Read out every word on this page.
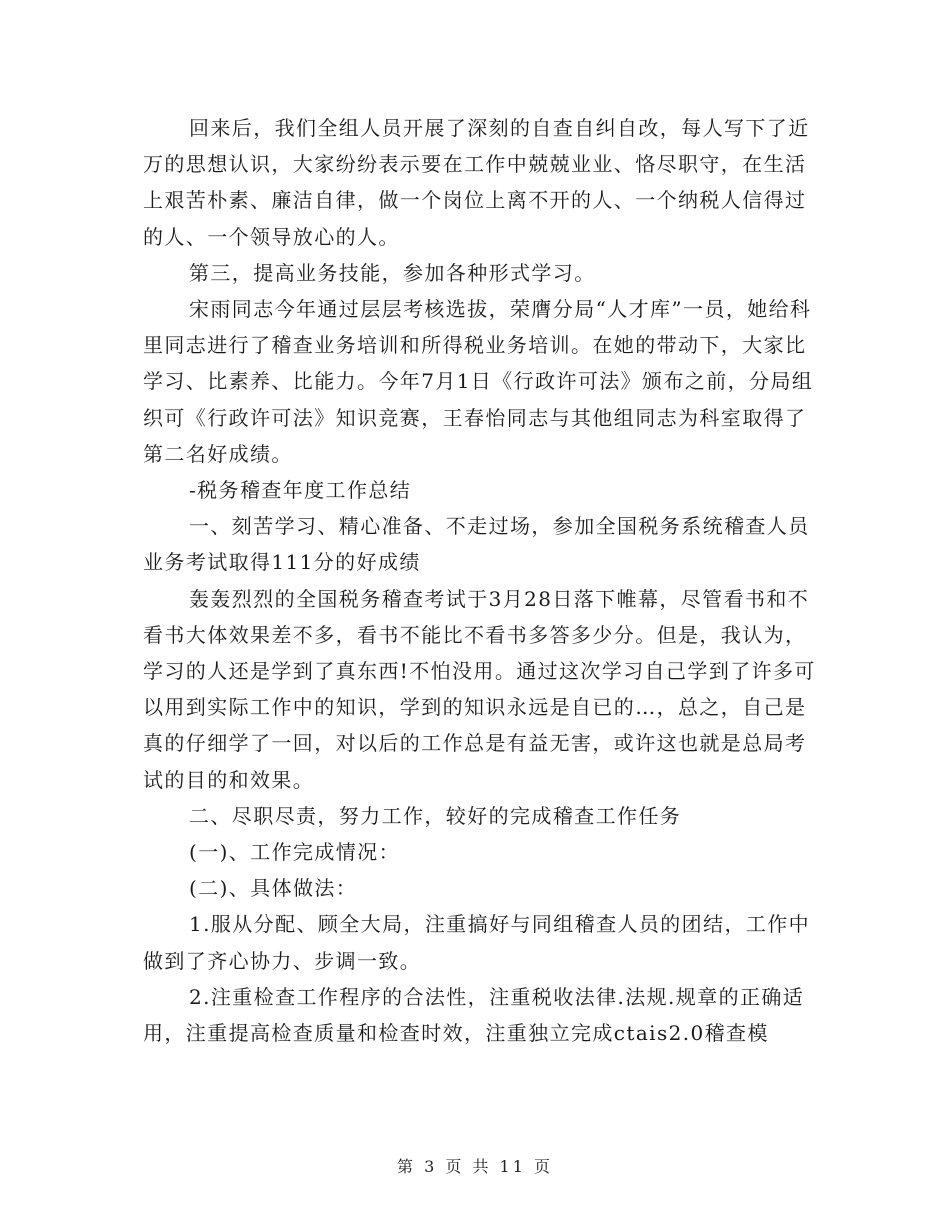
回来后，我们全组人员开展了深刻的自查自纠自改，每人写下了近万的思想认识，大家纷纷表示要在工作中兢兢业业、恪尽职守，在生活上艰苦朴素、廉洁自律，做一个岗位上离不开的人、一个纳税人信得过的人、一个领导放心的人。

第三，提高业务技能，参加各种形式学习。

宋雨同志今年通过层层考核选拔，荣膺分局“人才库”一员，她给科里同志进行了稽查业务培训和所得税业务培训。在她的带动下，大家比学习、比素养、比能力。今年7月1日《行政许可法》颁布之前，分局组织可《行政许可法》知识竞赛，王春怡同志与其他组同志为科室取得了第二名好成绩。

-税务稽查年度工作总结

一、刻苦学习、精心准备、不走过场，参加全国税务系统稽查人员业务考试取得111分的好成绩

轰轰烈烈的全国税务稽查考试于3月28日落下帷幕，尽管看书和不看书大体效果差不多，看书不能比不看书多答多少分。但是，我认为，学习的人还是学到了真东西!不怕没用。通过这次学习自己学到了许多可以用到实际工作中的知识，学到的知识永远是自已的…，总之，自己是真的仔细学了一回，对以后的工作总是有益无害，或许这也就是总局考试的目的和效果。

二、尽职尽责，努力工作，较好的完成稽查工作任务

(一)、工作完成情况：

(二)、具体做法：

1.服从分配、顾全大局，注重搞好与同组稽查人员的团结，工作中做到了齐心协力、步调一致。

2.注重检查工作程序的合法性，注重税收法律.法规.规章的正确适用，注重提高检查质量和检查时效，注重独立完成ctais2.0稽查模

第 3 页 共 11 页
